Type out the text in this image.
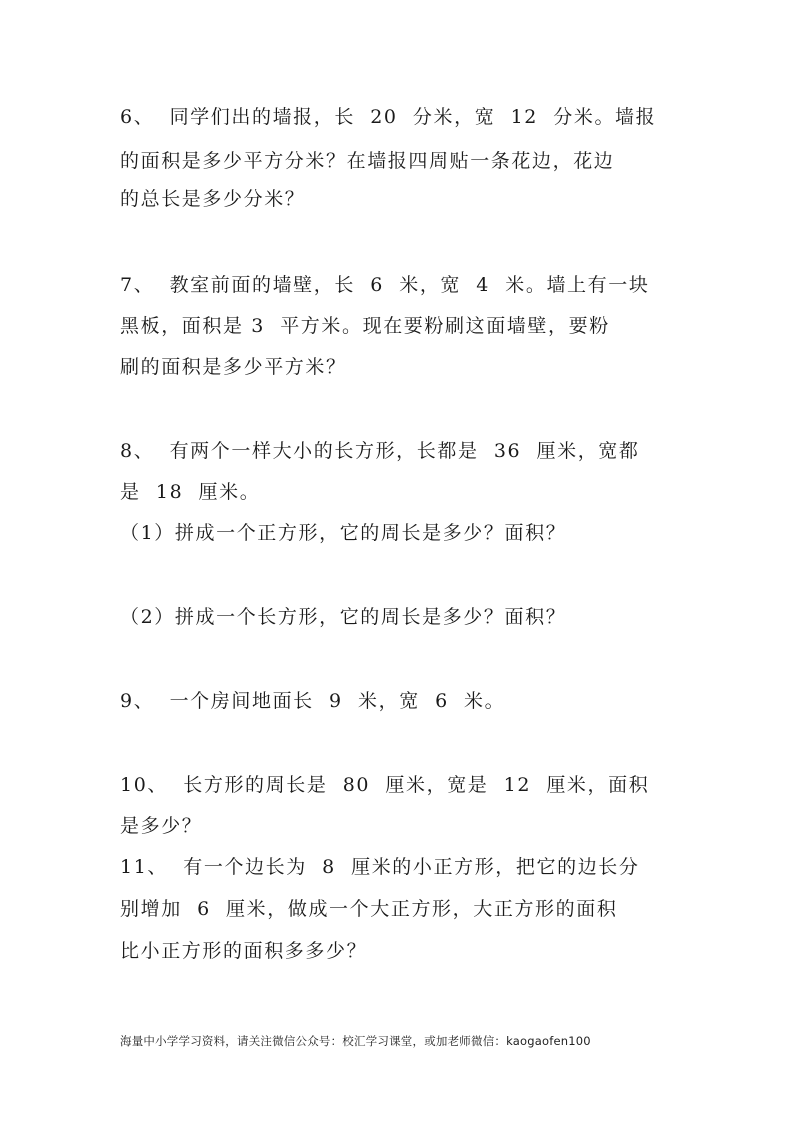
6、  同学们出的墙报，长  20  分米，宽  12  分米。墙报
的面积是多少平方分米？在墙报四周贴一条花边，花边
的总长是多少分米？
7、  教室前面的墙壁，长  6  米，宽  4  米。墙上有一块
黑板，面积是 3  平方米。现在要粉刷这面墙壁，要粉
刷的面积是多少平方米？
8、  有两个一样大小的长方形，长都是  36  厘米，宽都
是  18  厘米。
（1）拼成一个正方形，它的周长是多少？面积？
（2）拼成一个长方形，它的周长是多少？面积？
9、  一个房间地面长  9  米，宽  6  米。
10、  长方形的周长是  80  厘米，宽是  12  厘米，面积
是多少？
11、  有一个边长为  8  厘米的小正方形，把它的边长分
别增加  6  厘米，做成一个大正方形，大正方形的面积
比小正方形的面积多多少？
海量中小学学习资料，请关注微信公众号：校汇学习课堂，或加老师微信：kaogaofen100
